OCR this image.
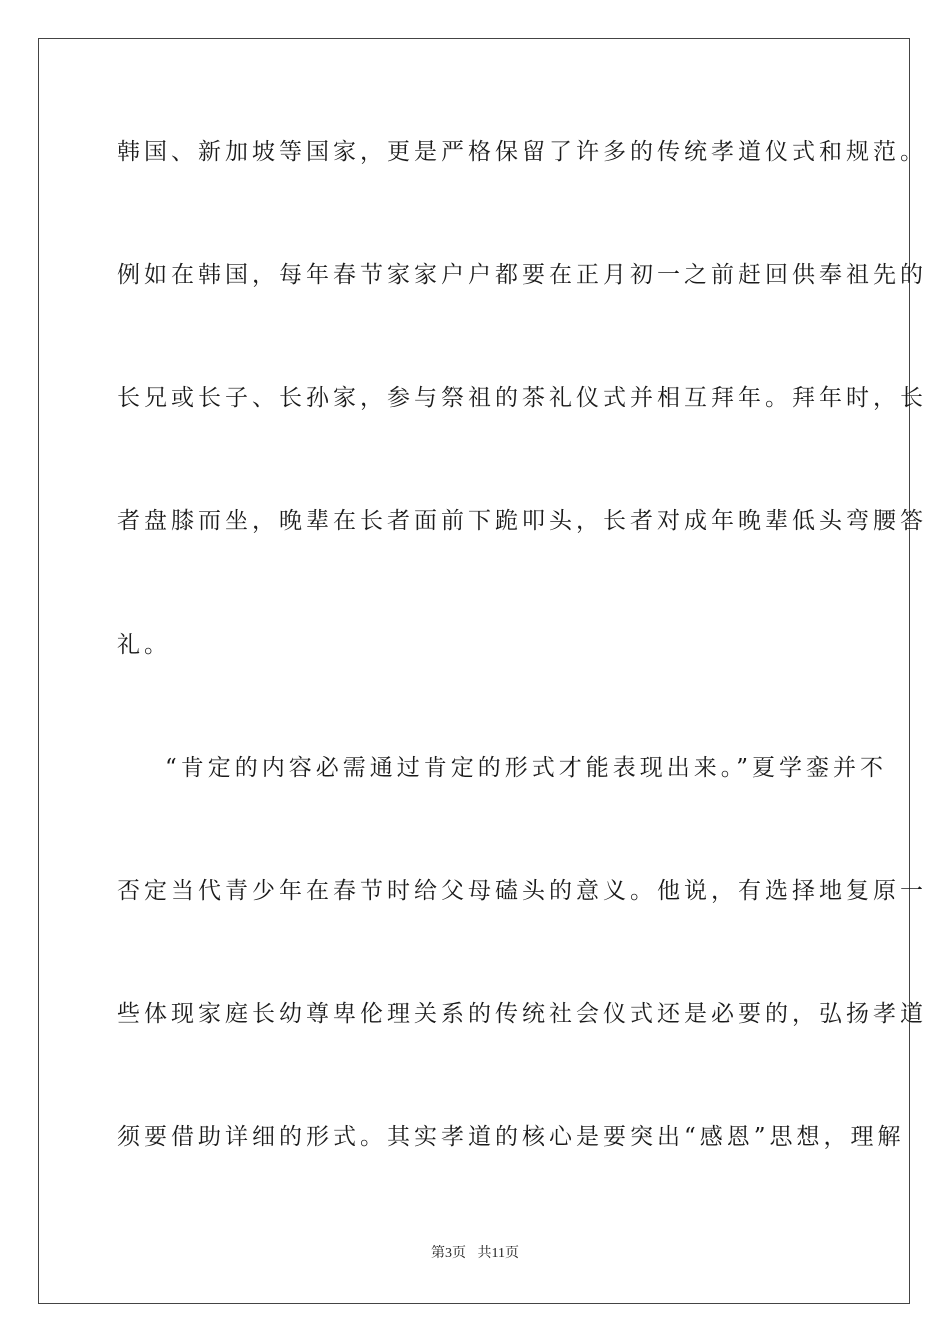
韩国、新加坡等国家，更是严格保留了许多的传统孝道仪式和规范。
例如在韩国，每年春节家家户户都要在正月初一之前赶回供奉祖先的
长兄或长子、长孙家，参与祭祖的茶礼仪式并相互拜年。拜年时，长
者盘膝而坐，晚辈在长者面前下跪叩头，长者对成年晚辈低头弯腰答
礼。
“肯定的内容必需通过肯定的形式才能表现出来。”夏学銮并不
否定当代青少年在春节时给父母磕头的意义。他说，有选择地复原一
些体现家庭长幼尊卑伦理关系的传统社会仪式还是必要的，弘扬孝道
须要借助详细的形式。其实孝道的核心是要突出“感恩”思想，理解
第3页 共11页
